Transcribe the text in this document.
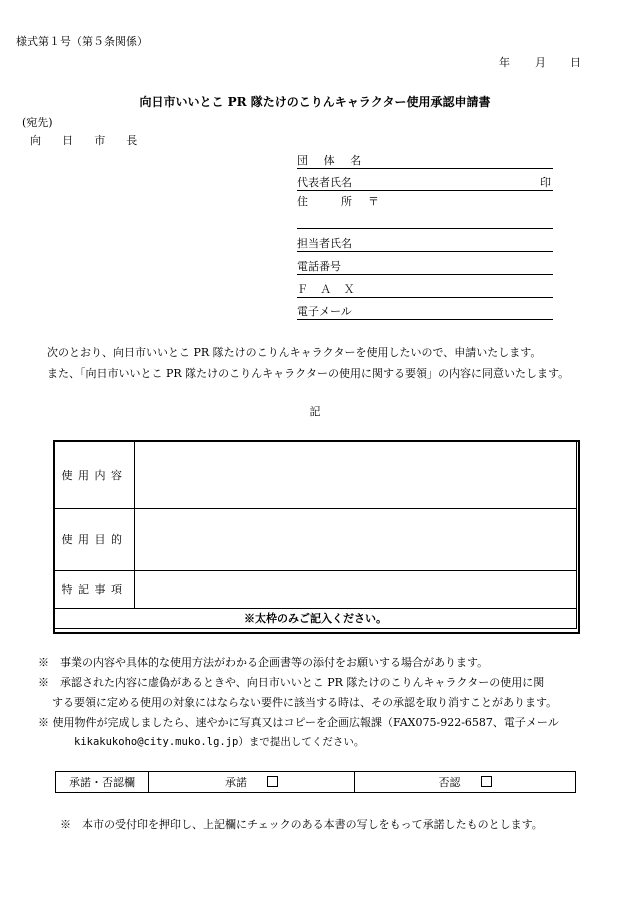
様式第１号（第５条関係）
年 月 日
向日市いいとこ PR 隊たけのこりんキャラクター使用承認申請書
(宛先)
向 日 市 長
団 体 名
代表者氏名	印
住　　　所 〒
担当者氏名
電話番号
Ｆ Ａ Ｘ
電子メール
次のとおり、向日市いいとこ PR 隊たけのこりんキャラクターを使用したいので、申請いたします。
また、「向日市いいとこ PR 隊たけのこりんキャラクターの使用に関する要領」の内容に同意いたします。
記
使用内容	
使用目的	
特記事項	
※太枠のみご記入ください。	
※　事業の内容や具体的な使用方法がわかる企画書等の添付をお願いする場合があります。
※　承認された内容に虚偽があるときや、向日市いいとこ PR 隊たけのこりんキャラクターの使用に関
する要領に定める使用の対象にはならない要件に該当する時は、その承認を取り消すことがあります。
※ 使用物件が完成しましたら、速やかに写真又はコピーを企画広報課（FAX075-922-6587、電子メール
kikakukoho@city.muko.lg.jp）まで提出してください。
承諾・否認欄	承諾	否認
※　本市の受付印を押印し、上記欄にチェックのある本書の写しをもって承諾したものとします。
